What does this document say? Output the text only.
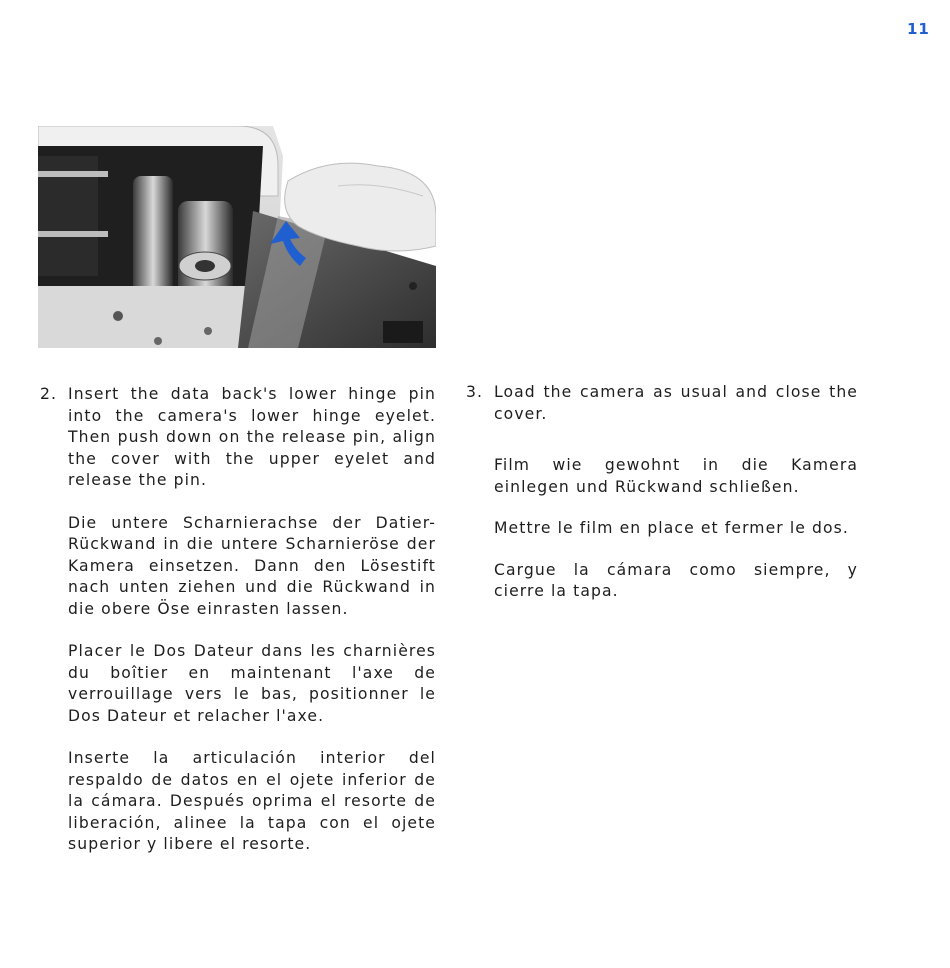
11
2. Insert the data back's lower hinge pin into the camera's lower hinge eyelet. Then push down on the release pin, align the cover with the upper eyelet and release the pin.
Die untere Scharnierachse der Datier-Rückwand in die untere Scharnieröse der Kamera einsetzen. Dann den Lösestift nach unten ziehen und die Rückwand in die obere Öse einrasten lassen.
Placer le Dos Dateur dans les charnières du boîtier en maintenant l'axe de verrouillage vers le bas, positionner le Dos Dateur et relacher l'axe.
Inserte la articulación interior del respaldo de datos en el ojete inferior de la cámara. Después oprima el resorte de liberación, alinee la tapa con el ojete superior y libere el resorte.
3. Load the camera as usual and close the cover.
Film wie gewohnt in die Kamera einlegen und Rückwand schließen.
Mettre le film en place et fermer le dos.
Cargue la cámara como siempre, y cierre la tapa.
